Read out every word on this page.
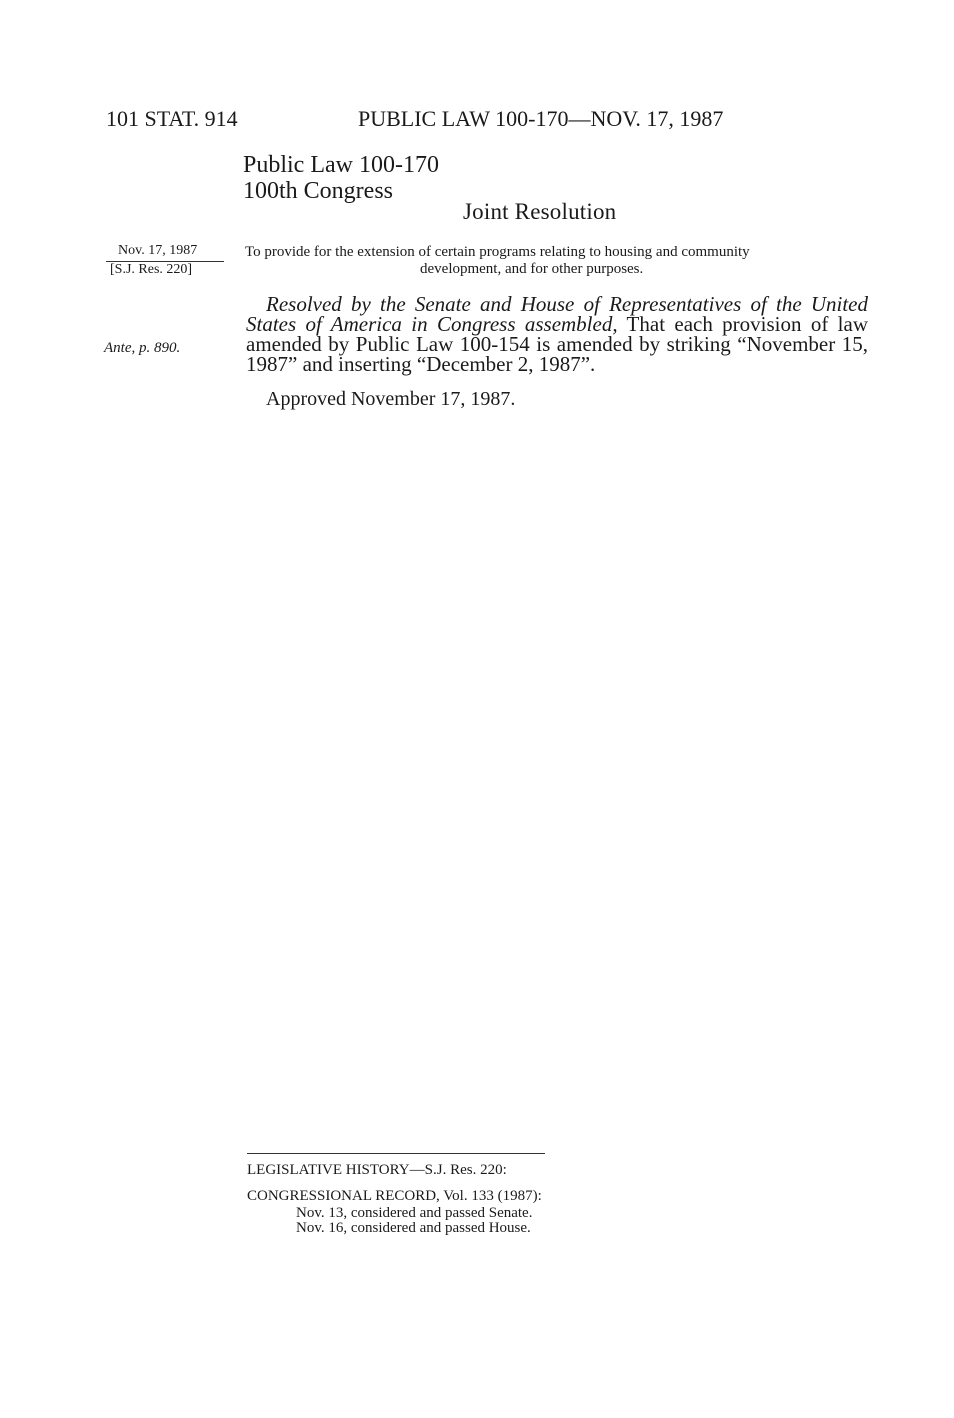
101 STAT. 914	PUBLIC LAW 100-170—NOV. 17, 1987
Public Law 100-170
100th Congress
Joint Resolution
Nov. 17, 1987
[S.J. Res. 220]
Ante, p. 890.
To provide for the extension of certain programs relating to housing and community
development, and for other purposes.
Resolved by the Senate and House of Representatives of the United States of America in Congress assembled, That each provision of law amended by Public Law 100-154 is amended by striking “November 15, 1987” and inserting “December 2, 1987”.
Approved November 17, 1987.
LEGISLATIVE HISTORY—S.J. Res. 220:
CONGRESSIONAL RECORD, Vol. 133 (1987):
Nov. 13, considered and passed Senate.
Nov. 16, considered and passed House.
